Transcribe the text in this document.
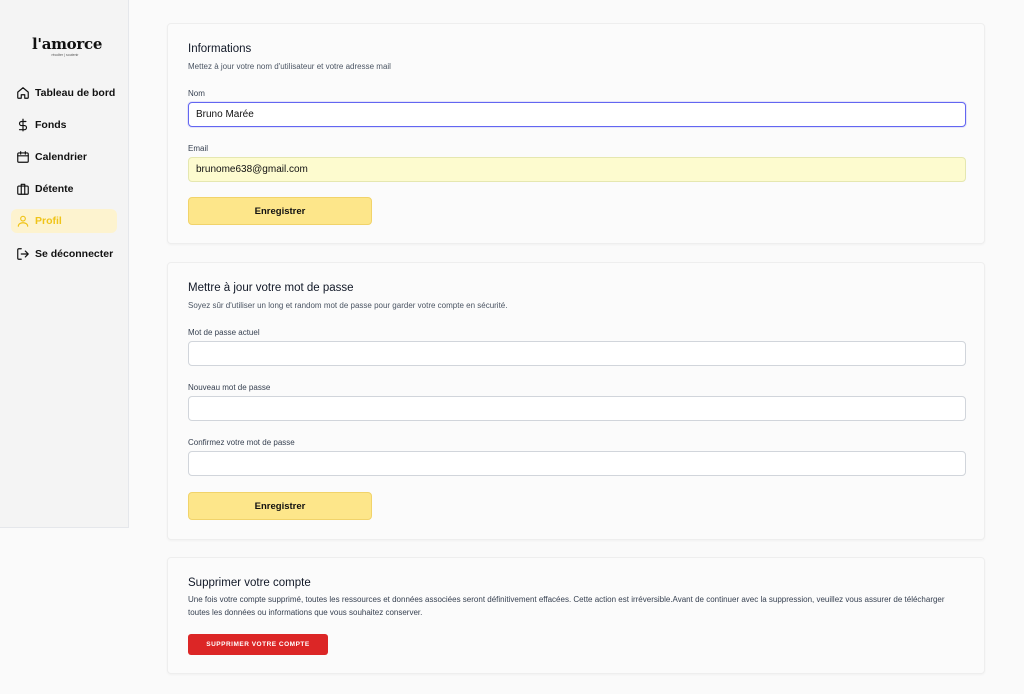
l'amorce
récolter | soutenir
Tableau de bord
Fonds
Calendrier
Détente
Profil
Se déconnecter
Informations

Mettez à jour votre nom d'utilisateur et votre adresse mail

Nom
Bruno Marée
Email
brunome638@gmail.com
Enregistrer
Mettre à jour votre mot de passe

Soyez sûr d'utiliser un long et random mot de passe pour garder votre compte en sécurité.

Mot de passe actuel
Nouveau mot de passe
Confirmez votre mot de passe
Enregistrer
Supprimer votre compte

Une fois votre compte supprimé, toutes les ressources et données associées seront définitivement effacées. Cette action est irréversible.Avant de continuer avec la suppression, veuillez vous assurer de télécharger toutes les données ou informations que vous souhaitez conserver.

SUPPRIMER VOTRE COMPTE
